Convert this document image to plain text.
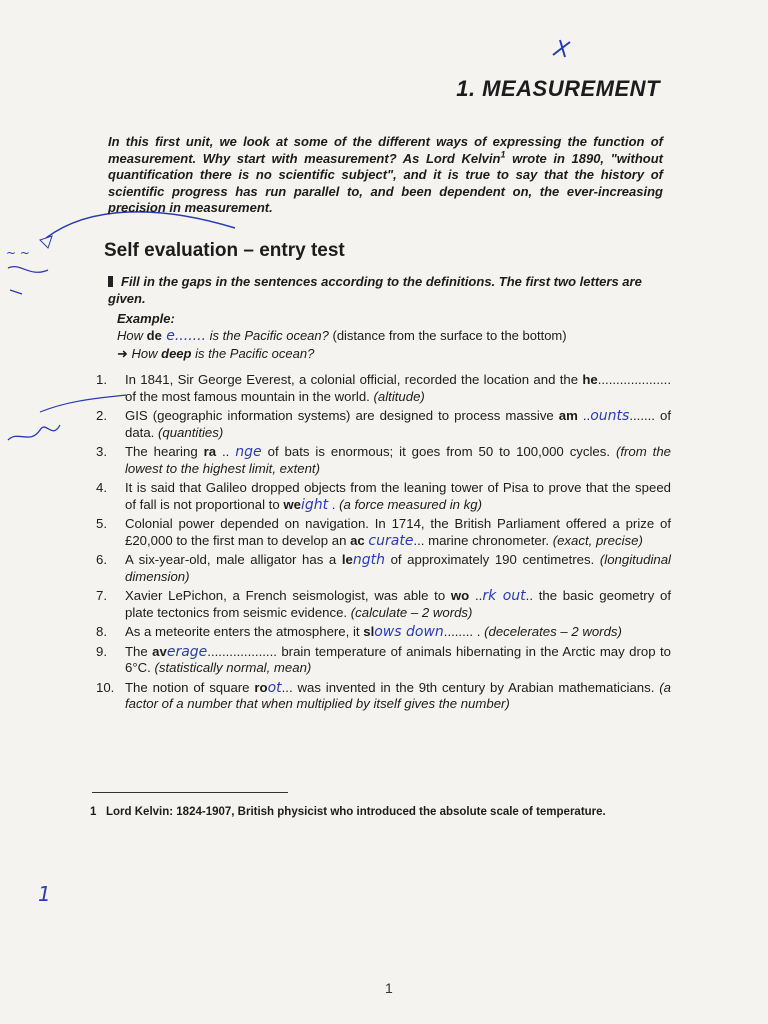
~ ~
1. MEASUREMENT
In this first unit, we look at some of the different ways of expressing the function of measurement. Why start with measurement? As Lord Kelvin$^1$ wrote in 1890, "without quantification there is no scientific subject", and it is true to say that the history of scientific progress has run parallel to, and been dependent on, the ever-increasing precision in measurement.
Self evaluation – entry test
Fill in the gaps in the sentences according to the definitions. The first two letters are given.
Example:
How de e....... is the Pacific ocean? (distance from the surface to the bottom)
➜ How deep is the Pacific ocean?
1.	In 1841, Sir George Everest, a colonial official, recorded the location and the he.................... of the most famous mountain in the world. (altitude)
2.	GIS (geographic information systems) are designed to process massive am ..ounts....... of data. (quantities)
3.	The hearing ra .. nge of bats is enormous; it goes from 50 to 100,000 cycles. (from the lowest to the highest limit, extent)
4.	It is said that Galileo dropped objects from the leaning tower of Pisa to prove that the speed of fall is not proportional to weight . (a force measured in kg)
5.	Colonial power depended on navigation. In 1714, the British Parliament offered a prize of £20,000 to the first man to develop an ac curate... marine chronometer. (exact, precise)
6.	A six-year-old, male alligator has a length of approximately 190 centimetres. (longitudinal dimension)
7.	Xavier LePichon, a French seismologist, was able to wo ..rk out.. the basic geometry of plate tectonics from seismic evidence. (calculate – 2 words)
8.	As a meteorite enters the atmosphere, it slows down........ . (decelerates – 2 words)
9.	The average................... brain temperature of animals hibernating in the Arctic may drop to 6°C. (statistically normal, mean)
10. The notion of square root... was invented in the 9th century by Arabian mathematicians. (a factor of a number that when multiplied by itself gives the number)
1 Lord Kelvin: 1824-1907, British physicist who introduced the absolute scale of temperature.
1
1
